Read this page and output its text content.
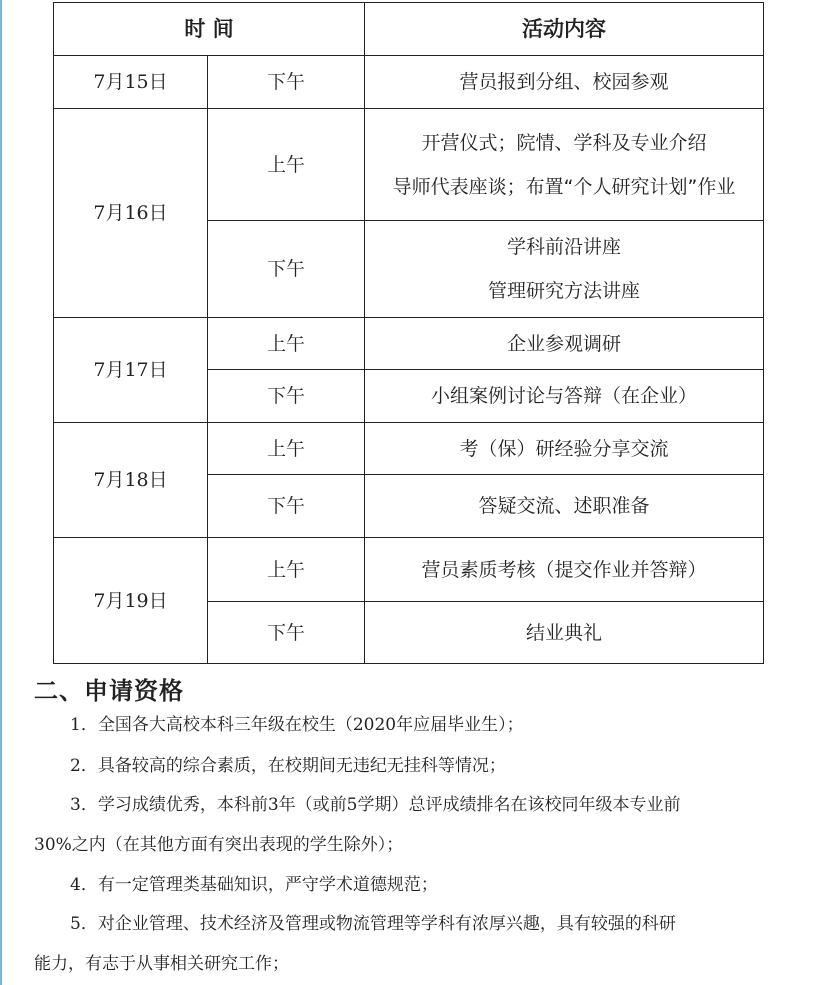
时 间		活动内容
7月15日	下午	营员报到分组、校园参观

7月16日	上午	开营仪式；院情、学科及专业介绍
导师代表座谈；布置“个人研究计划”作业

	下午	学科前沿讲座
管理研究方法讲座

7月17日	上午	企业参观调研

	下午	小组案例讨论与答辩（在企业）

7月18日	上午	考（保）研经验分享交流

	下午	答疑交流、述职准备

7月19日	上午	营员素质考核（提交作业并答辩）

	下午	结业典礼
二、申请资格
1．全国各大高校本科三年级在校生（2020年应届毕业生）；
2．具备较高的综合素质，在校期间无违纪无挂科等情况；
3．学习成绩优秀，本科前3年（或前5学期）总评成绩排名在该校同年级本专业前
30%之内（在其他方面有突出表现的学生除外）；
4．有一定管理类基础知识，严守学术道德规范；
5．对企业管理、技术经济及管理或物流管理等学科有浓厚兴趣，具有较强的科研
能力，有志于从事相关研究工作；
